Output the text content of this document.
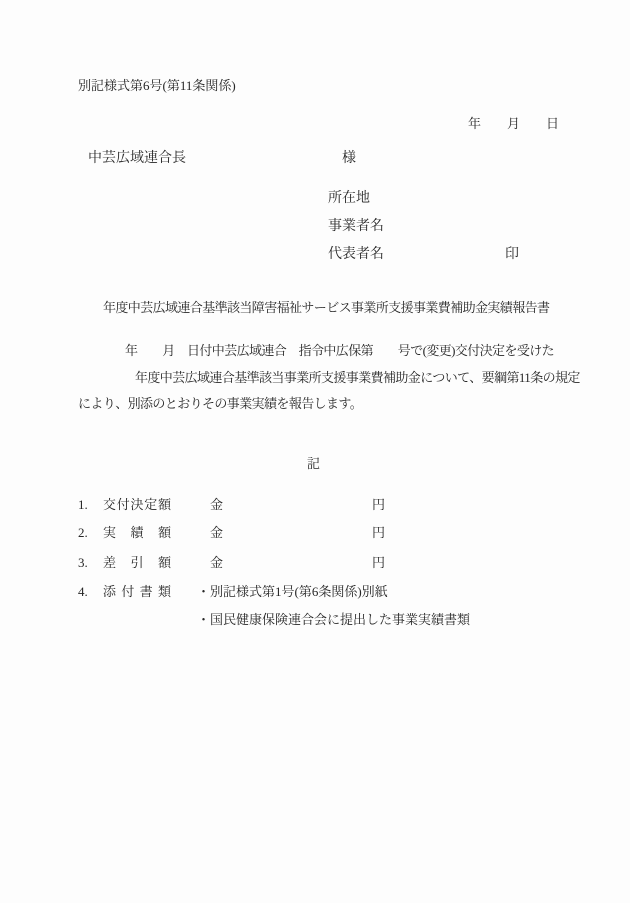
別記様式第6号(第11条関係)
年　　月　　日
中芸広域連合長	様
所在地
事業者名
代表者名	印
年度中芸広域連合基準該当障害福祉サービス事業所支援事業費補助金実績報告書
年　　月　日付中芸広域連合　指令中広保第　　号で(変更)交付決定を受けた
年度中芸広域連合基準該当事業所支援事業費補助金について、要綱第11条の規定
により、別添のとおりその事業実績を報告します。
記
1. 交付決定額	金	円
2. 実績額	金	円
3. 差引額	金	円
4. 添付書類 ・別記様式第1号(第6条関係)別紙
・国民健康保険連合会に提出した事業実績書類
